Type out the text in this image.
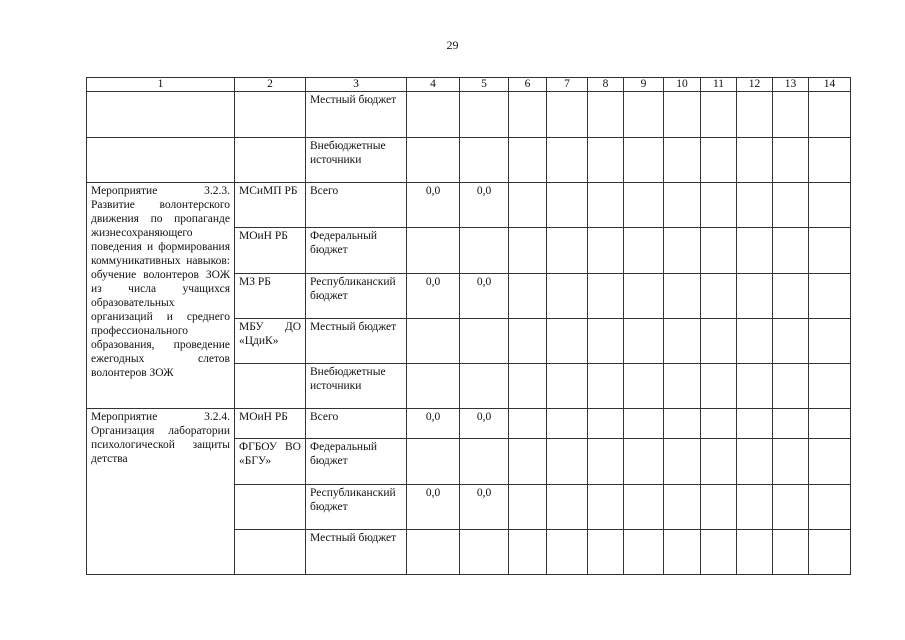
29
1	2	3	4	5	6	7	8	9	10	11	12	13	14
		Местный бюджет											
		Внебюджетные источники											
Мероприятие 3.2.3. Развитие волонтерского движения по пропаганде жизнесохраняющего поведения и формирования коммуникативных навыков: обучение волонтеров ЗОЖ из числа учащихся образовательных организаций и среднего профессионального образования, проведение ежегодных слетов волонтеров ЗОЖ	МСиМП РБ	Всего	0,0	0,0									
	МОиН РБ	Федеральный бюджет											
	МЗ РБ	Республиканский бюджет	0,0	0,0									
	МБУ ДО «ЦдиК»	Местный бюджет											
		Внебюджетные источники											
Мероприятие 3.2.4. Организация лаборатории психологической защиты детства	МОиН РБ	Всего	0,0	0,0									
	ФГБОУ ВО «БГУ»	Федеральный бюджет											
		Республиканский бюджет	0,0	0,0									
		Местный бюджет											
